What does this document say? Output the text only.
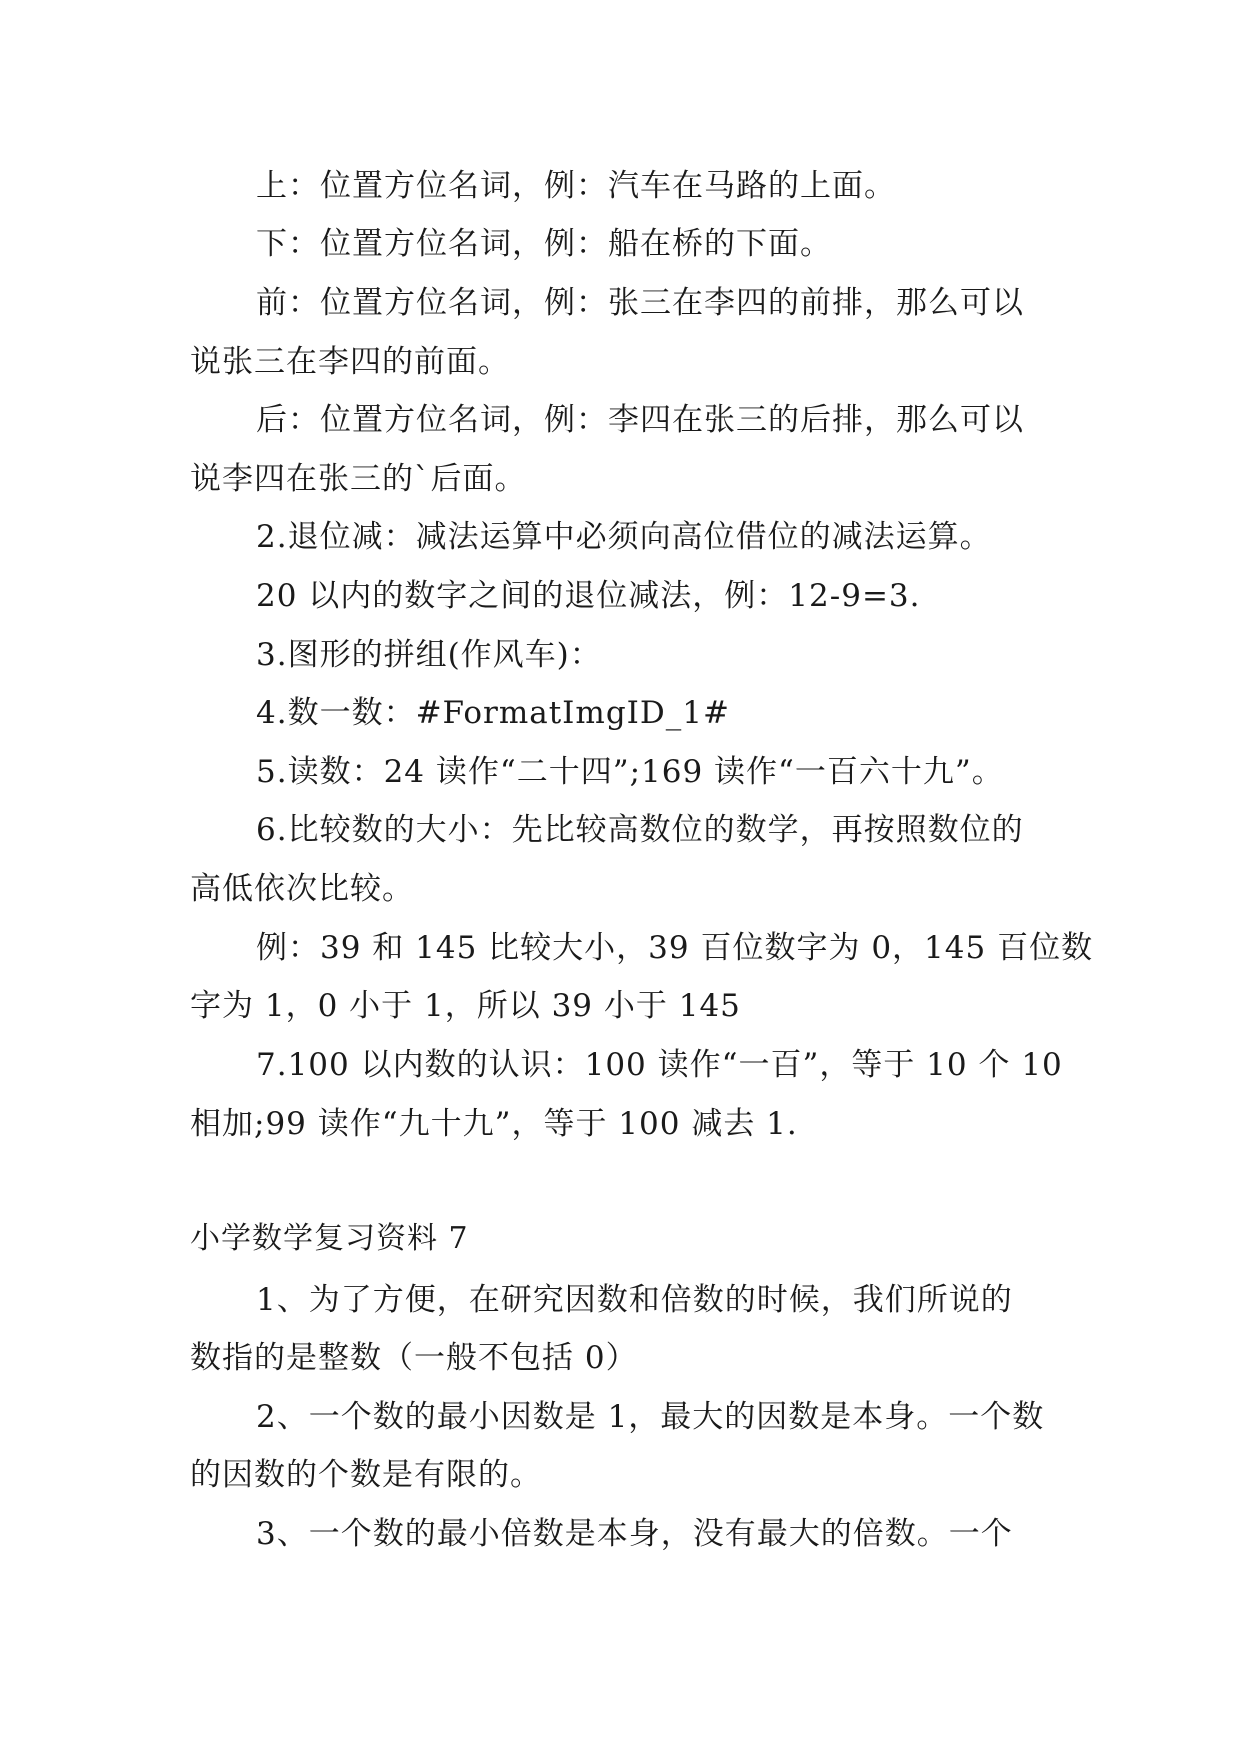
上：位置方位名词，例：汽车在马路的上面。
下：位置方位名词，例：船在桥的下面。
前：位置方位名词，例：张三在李四的前排，那么可以
说张三在李四的前面。
后：位置方位名词，例：李四在张三的后排，那么可以
说李四在张三的`后面。
2.退位减：减法运算中必须向高位借位的减法运算。
20 以内的数字之间的退位减法，例：12-9=3.
3.图形的拼组(作风车)：
4.数一数：#FormatImgID_1#
5.读数：24 读作“二十四”;169 读作“一百六十九”。
6.比较数的大小：先比较高数位的数学，再按照数位的
高低依次比较。
例：39 和 145 比较大小，39 百位数字为 0，145 百位数
字为 1，0 小于 1，所以 39 小于 145
7.100 以内数的认识：100 读作“一百”，等于 10 个 10
相加;99 读作“九十九”，等于 100 减去 1.
小学数学复习资料 7
1、为了方便，在研究因数和倍数的时候，我们所说的
数指的是整数（一般不包括 0）
2、一个数的最小因数是 1，最大的因数是本身。一个数
的因数的个数是有限的。
3、一个数的最小倍数是本身，没有最大的倍数。一个
